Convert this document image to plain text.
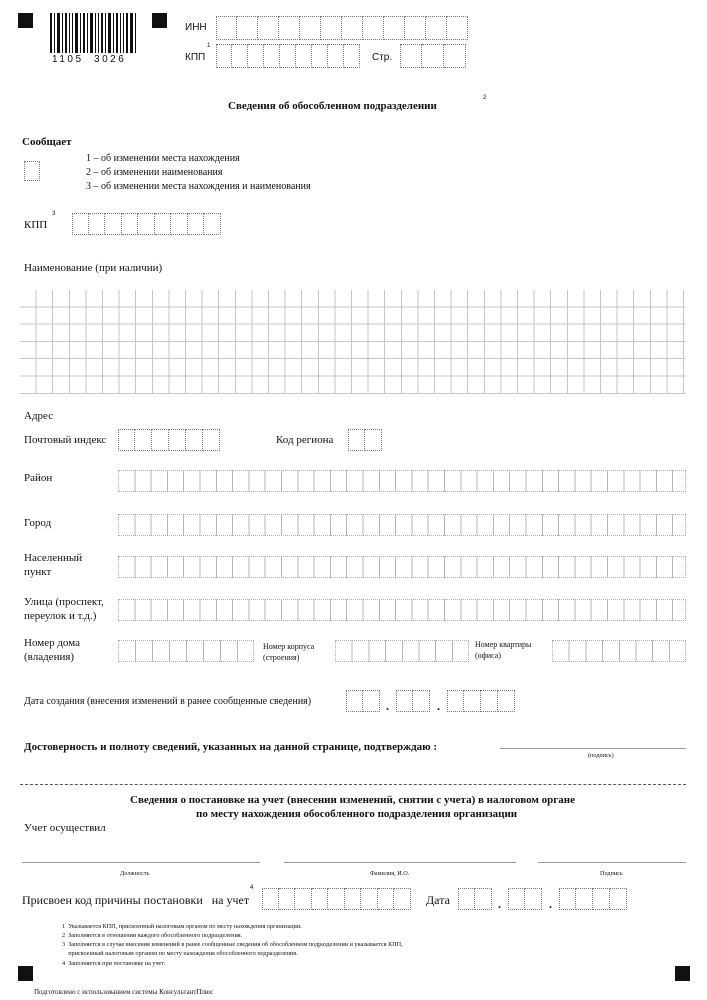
1105  3026
ИНН
КПП
1
Стр.
Сведения об обособленном подразделении
2
Сообщает
1 – об изменении места нахождения
2 – об изменении наименования
3 – об изменении места нахождения и наименования
КПП
3
Наименование (при наличии)
Адрес
Почтовый индекс	Код региона
Район
Город
Населенный
пункт
Улица (проспект,
переулок и т.д.)
Номер дома
(владения)
Номер корпуса
(строения)
Номер квартиры
(офиса)
Дата создания (внесения изменений в ранее сообщенные сведения)	.	.
Достоверность и полноту сведений, указанных на данной странице, подтверждаю :
(подпись)
Сведения о постановке на учет (внесении изменений, снятии с учета) в налоговом органе
по месту нахождения обособленного подразделения организации
Учет осуществил
Должность	Фамилия, И.О.	Подпись
Присвоен код причины постановки   на учет
4
Дата	.	.
1  Указывается КПП, присвоенный налоговым органом по месту нахождения организации.
2  Заполняется в отношении каждого обособленного подразделения.
3  Заполняется в случае внесения изменений в ранее сообщенные сведения об обособленном подразделении и указывается КПП,
присвоенный налоговым органом по месту нахождения обособленного подразделения.
4  Заполняется при постановке на учет.
Подготовлено с использованием системы КонсультантПлюс
